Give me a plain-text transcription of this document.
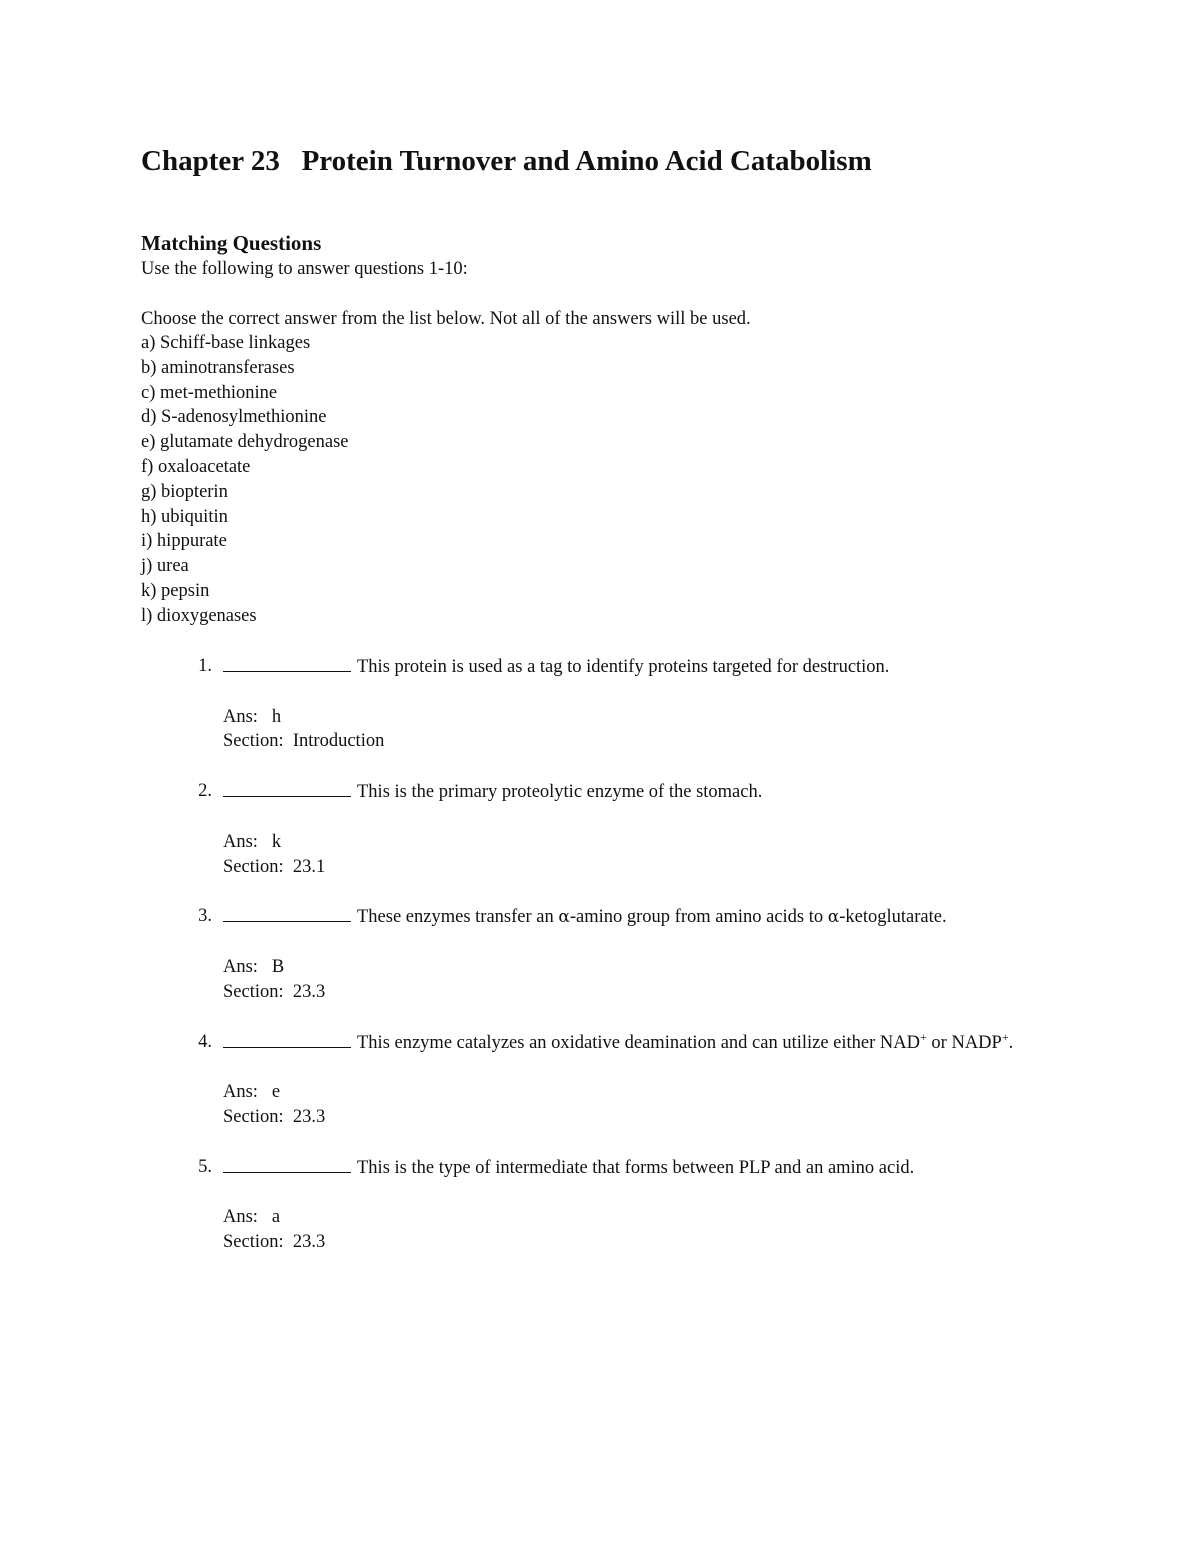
Chapter 23   Protein Turnover and Amino Acid Catabolism
Matching Questions

Use the following to answer questions 1-10:

Choose the correct answer from the list below. Not all of the answers will be used.

a) Schiff-base linkages
b) aminotransferases
c) met-methionine
d) S-adenosylmethionine
e) glutamate dehydrogenase
f) oxaloacetate
g) biopterin
h) ubiquitin
i) hippurate
j) urea
k) pepsin
l) dioxygenases
1.	This protein is used as a tag to identify proteins targeted for destruction.

Ans:   h
Section:  Introduction
2.	This is the primary proteolytic enzyme of the stomach.

Ans:   k
Section:  23.1
3.	These enzymes transfer an α-amino group from amino acids to α-ketoglutarate.

Ans:   B
Section:  23.3
4.	This enzyme catalyzes an oxidative deamination and can utilize either NAD+ or NADP+.

Ans:   e
Section:  23.3
5.	This is the type of intermediate that forms between PLP and an amino acid.

Ans:   a
Section:  23.3
